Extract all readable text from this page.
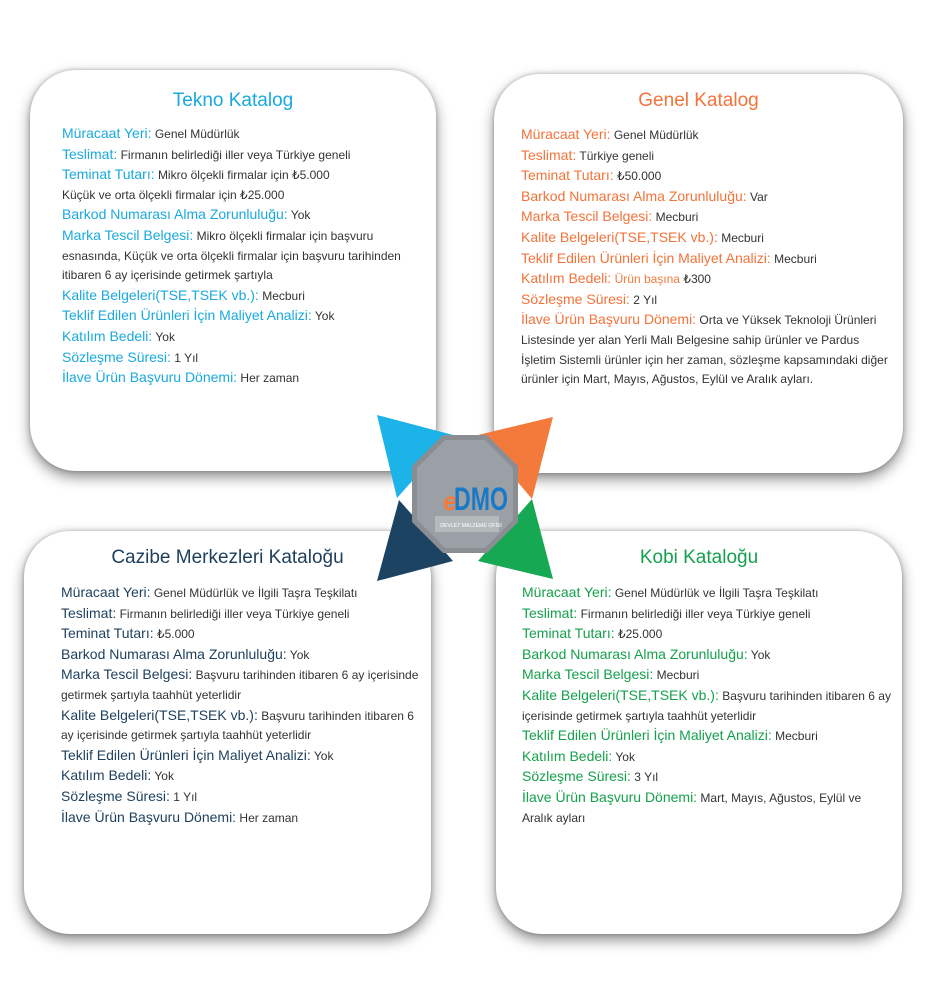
Tekno Katalog
Müracaat Yeri: Genel Müdürlük
Teslimat: Firmanın belirlediği iller veya Türkiye geneli
Teminat Tutarı: Mikro ölçekli firmalar için ₺5.000
Küçük ve orta ölçekli firmalar için ₺25.000
Barkod Numarası Alma Zorunluluğu: Yok
Marka Tescil Belgesi: Mikro ölçekli firmalar için başvuru esnasında, Küçük ve orta ölçekli firmalar için başvuru tarihinden itibaren 6 ay içerisinde getirmek şartıyla
Kalite Belgeleri(TSE,TSEK vb.): Mecburi
Teklif Edilen Ürünleri İçin Maliyet Analizi: Yok
Katılım Bedeli: Yok
Sözleşme Süresi: 1 Yıl
İlave Ürün Başvuru Dönemi: Her zaman
Genel Katalog
Müracaat Yeri: Genel Müdürlük
Teslimat: Türkiye geneli
Teminat Tutarı: ₺50.000
Barkod Numarası Alma Zorunluluğu: Var
Marka Tescil Belgesi: Mecburi
Kalite Belgeleri(TSE,TSEK vb.): Mecburi
Teklif Edilen Ürünleri İçin Maliyet Analizi: Mecburi
Katılım Bedeli: Ürün başına ₺300
Sözleşme Süresi: 2 Yıl
İlave Ürün Başvuru Dönemi: Orta ve Yüksek Teknoloji Ürünleri Listesinde yer alan Yerli Malı Belgesine sahip ürünler ve Pardus İşletim Sistemli ürünler için her zaman, sözleşme kapsamındaki diğer ürünler için Mart, Mayıs, Ağustos, Eylül ve Aralık ayları.
Cazibe Merkezleri Kataloğu
Müracaat Yeri: Genel Müdürlük ve İlgili Taşra Teşkilatı
Teslimat: Firmanın belirlediği iller veya Türkiye geneli
Teminat Tutarı: ₺5.000
Barkod Numarası Alma Zorunluluğu: Yok
Marka Tescil Belgesi: Başvuru tarihinden itibaren 6 ay içerisinde getirmek şartıyla taahhüt yeterlidir
Kalite Belgeleri(TSE,TSEK vb.): Başvuru tarihinden itibaren 6 ay içerisinde getirmek şartıyla taahhüt yeterlidir
Teklif Edilen Ürünleri İçin Maliyet Analizi: Yok
Katılım Bedeli: Yok
Sözleşme Süresi: 1 Yıl
İlave Ürün Başvuru Dönemi: Her zaman
Kobi Kataloğu
Müracaat Yeri: Genel Müdürlük ve İlgili Taşra Teşkilatı
Teslimat: Firmanın belirlediği iller veya Türkiye geneli
Teminat Tutarı: ₺25.000
Barkod Numarası Alma Zorunluluğu: Yok
Marka Tescil Belgesi: Mecburi
Kalite Belgeleri(TSE,TSEK vb.): Başvuru tarihinden itibaren 6 ay içerisinde getirmek şartıyla taahhüt yeterlidir
Teklif Edilen Ürünleri İçin Maliyet Analizi: Mecburi
Katılım Bedeli: Yok
Sözleşme Süresi: 3 Yıl
İlave Ürün Başvuru Dönemi: Mart, Mayıs, Ağustos, Eylül ve Aralık ayları
e
DMO
DEVLET MALZEME OFİSİ
